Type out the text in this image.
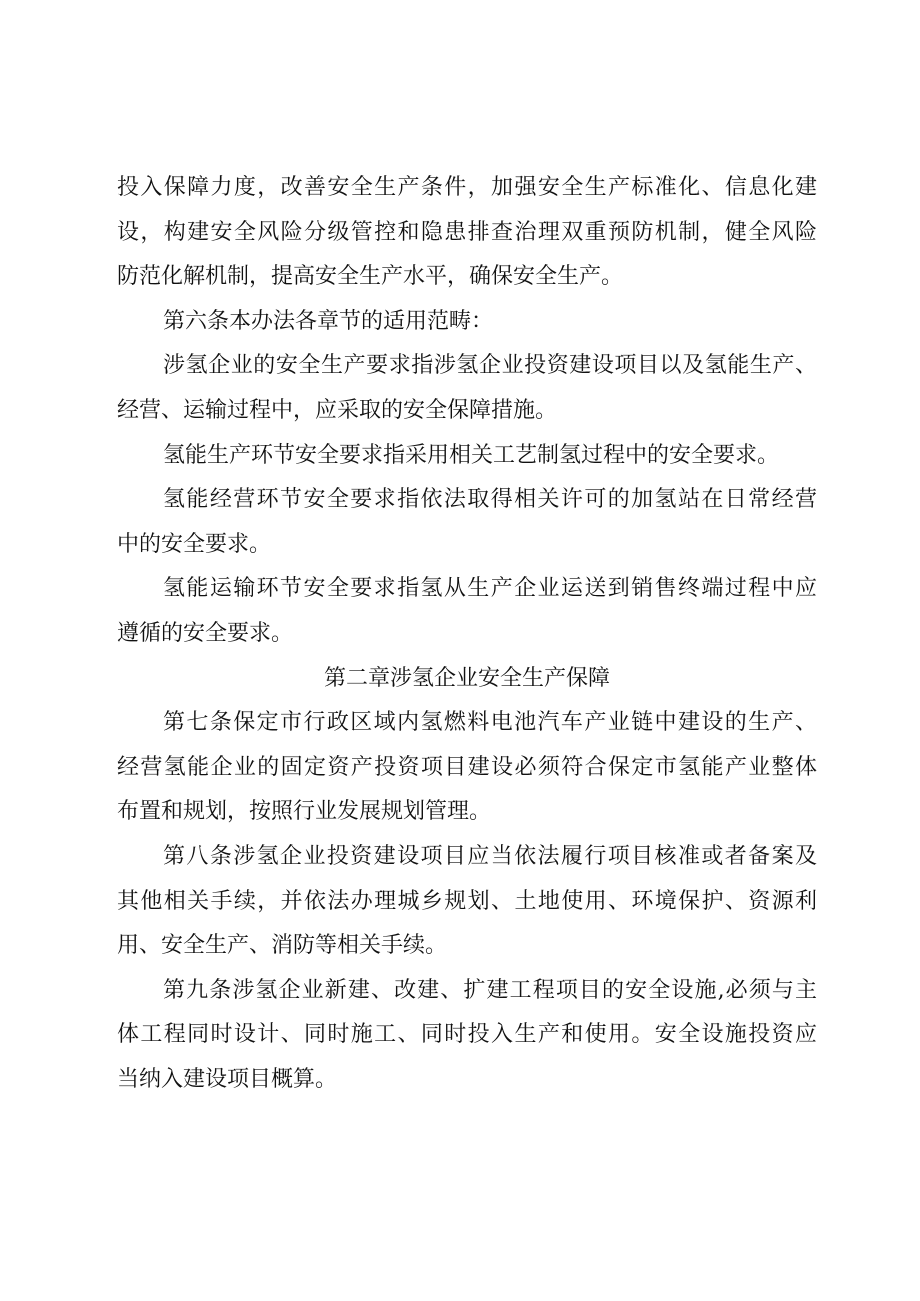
投入保障力度，改善安全生产条件，加强安全生产标准化、信息化建
设，构建安全风险分级管控和隐患排查治理双重预防机制，健全风险
防范化解机制，提高安全生产水平，确保安全生产。
第六条本办法各章节的适用范畴：
涉氢企业的安全生产要求指涉氢企业投资建设项目以及氢能生产、
经营、运输过程中，应采取的安全保障措施。
氢能生产环节安全要求指采用相关工艺制氢过程中的安全要求。
氢能经营环节安全要求指依法取得相关许可的加氢站在日常经营
中的安全要求。
氢能运输环节安全要求指氢从生产企业运送到销售终端过程中应
遵循的安全要求。
第二章涉氢企业安全生产保障
第七条保定市行政区域内氢燃料电池汽车产业链中建设的生产、
经营氢能企业的固定资产投资项目建设必须符合保定市氢能产业整体
布置和规划，按照行业发展规划管理。
第八条涉氢企业投资建设项目应当依法履行项目核准或者备案及
其他相关手续，并依法办理城乡规划、土地使用、环境保护、资源利
用、安全生产、消防等相关手续。
第九条涉氢企业新建、改建、扩建工程项目的安全设施,必须与主
体工程同时设计、同时施工、同时投入生产和使用。安全设施投资应
当纳入建设项目概算。
